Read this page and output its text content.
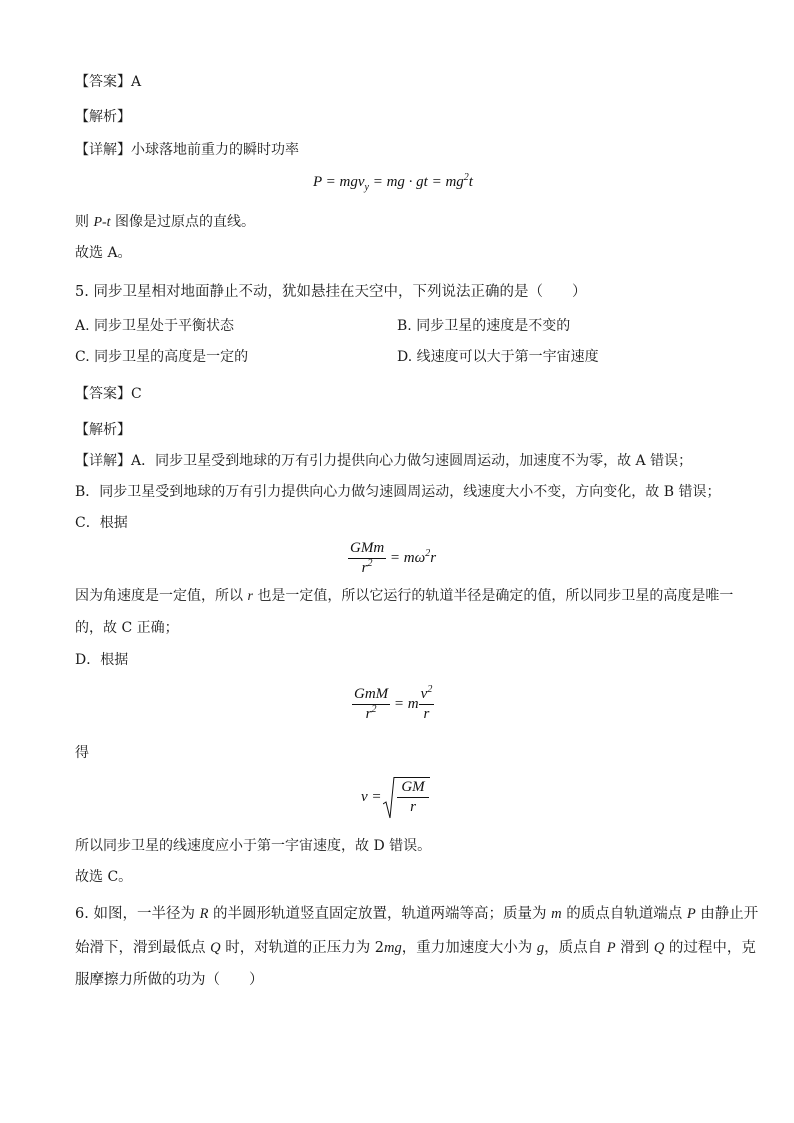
【答案】A
【解析】
【详解】小球落地前重力的瞬时功率
P = mgv$_y$ = mg · gt = $mg^2t$
则 P-t 图像是过原点的直线。
故选 A。
5. 同步卫星相对地面静止不动，犹如悬挂在天空中，下列说法正确的是（　　）
A. 同步卫星处于平衡状态	B. 同步卫星的速度是不变的
C. 同步卫星的高度是一定的	D. 线速度可以大于第一宇宙速度
【答案】C
【解析】
【详解】A．同步卫星受到地球的万有引力提供向心力做匀速圆周运动，加速度不为零，故 A 错误；
B．同步卫星受到地球的万有引力提供向心力做匀速圆周运动，线速度大小不变，方向变化，故 B 错误；
C．根据
$\frac{\text{GMm}}{r^2} = m\omega^2r$
因为角速度是一定值，所以 r 也是一定值，所以它运行的轨道半径是确定的值，所以同步卫星的高度是唯一
的，故 C 正确；
D．根据
$\frac{\text{GmM}}{r^2} = m \frac{v^2}{r}$
得
$v = \frac{GM}{r}$
所以同步卫星的线速度应小于第一宇宙速度，故 D 错误。
故选 C。
6. 如图，一半径为 R 的半圆形轨道竖直固定放置，轨道两端等高；质量为 m 的质点自轨道端点 P 由静止开
始滑下，滑到最低点 Q 时，对轨道的正压力为 2mg，重力加速度大小为 g，质点自 P 滑到 Q 的过程中，克
服摩擦力所做的功为（　　）
